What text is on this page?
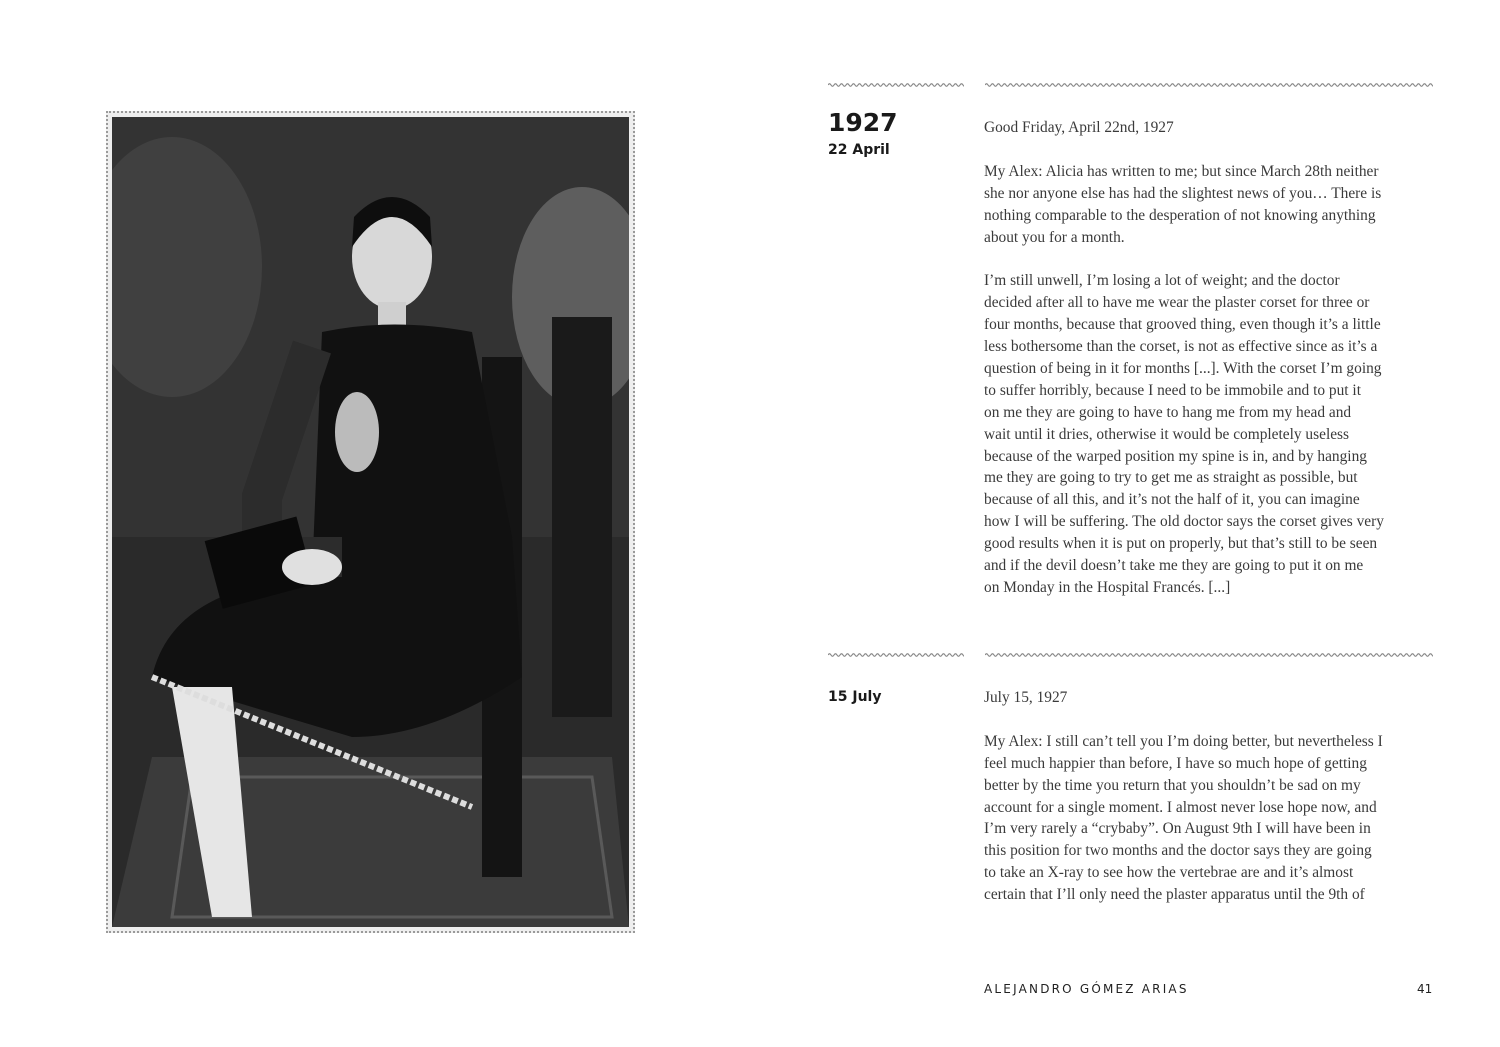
1927
22 April
Good Friday, April 22nd, 1927
My Alex: Alicia has written to me; but since March 28th neither
she nor anyone else has had the slightest news of you… There is
nothing comparable to the desperation of not knowing anything
about you for a month.
I’m still unwell, I’m losing a lot of weight; and the doctor
decided after all to have me wear the plaster corset for three or
four months, because that grooved thing, even though it’s a little
less bothersome than the corset, is not as effective since as it’s a
question of being in it for months [...]. With the corset I’m going
to suffer horribly, because I need to be immobile and to put it
on me they are going to have to hang me from my head and
wait until it dries, otherwise it would be completely useless
because of the warped position my spine is in, and by hanging
me they are going to try to get me as straight as possible, but
because of all this, and it’s not the half of it, you can imagine
how I will be suffering. The old doctor says the corset gives very
good results when it is put on properly, but that’s still to be seen
and if the devil doesn’t take me they are going to put it on me
on Monday in the Hospital Francés. [...]
15 July	July 15, 1927
My Alex: I still can’t tell you I’m doing better, but nevertheless I
feel much happier than before, I have so much hope of getting
better by the time you return that you shouldn’t be sad on my
account for a single moment. I almost never lose hope now, and
I’m very rarely a “crybaby”. On August 9th I will have been in
this position for two months and the doctor says they are going
to take an X-ray to see how the vertebrae are and it’s almost
certain that I’ll only need the plaster apparatus until the 9th of
ALEJANDRO GÓMEZ ARIAS	41
